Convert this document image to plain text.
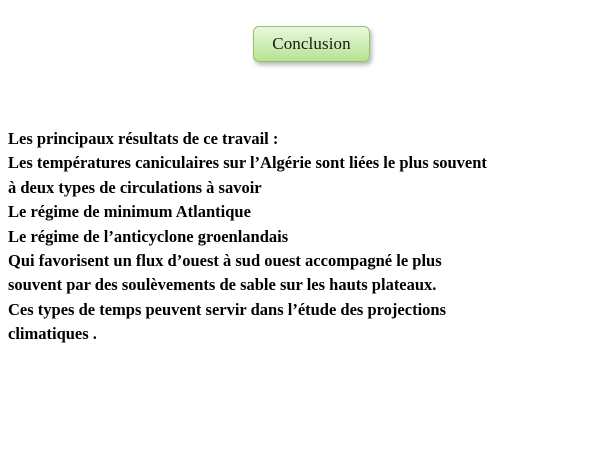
Conclusion
Les principaux résultats de ce travail :
Les températures caniculaires sur l’Algérie sont liées le plus souvent
à deux types de circulations à savoir
Le régime de minimum Atlantique
Le régime de l’anticyclone groenlandais
Qui favorisent un flux d’ouest à sud ouest accompagné le plus
souvent par des soulèvements de sable sur les hauts plateaux.
Ces types de temps peuvent servir dans l’étude des projections
climatiques .
